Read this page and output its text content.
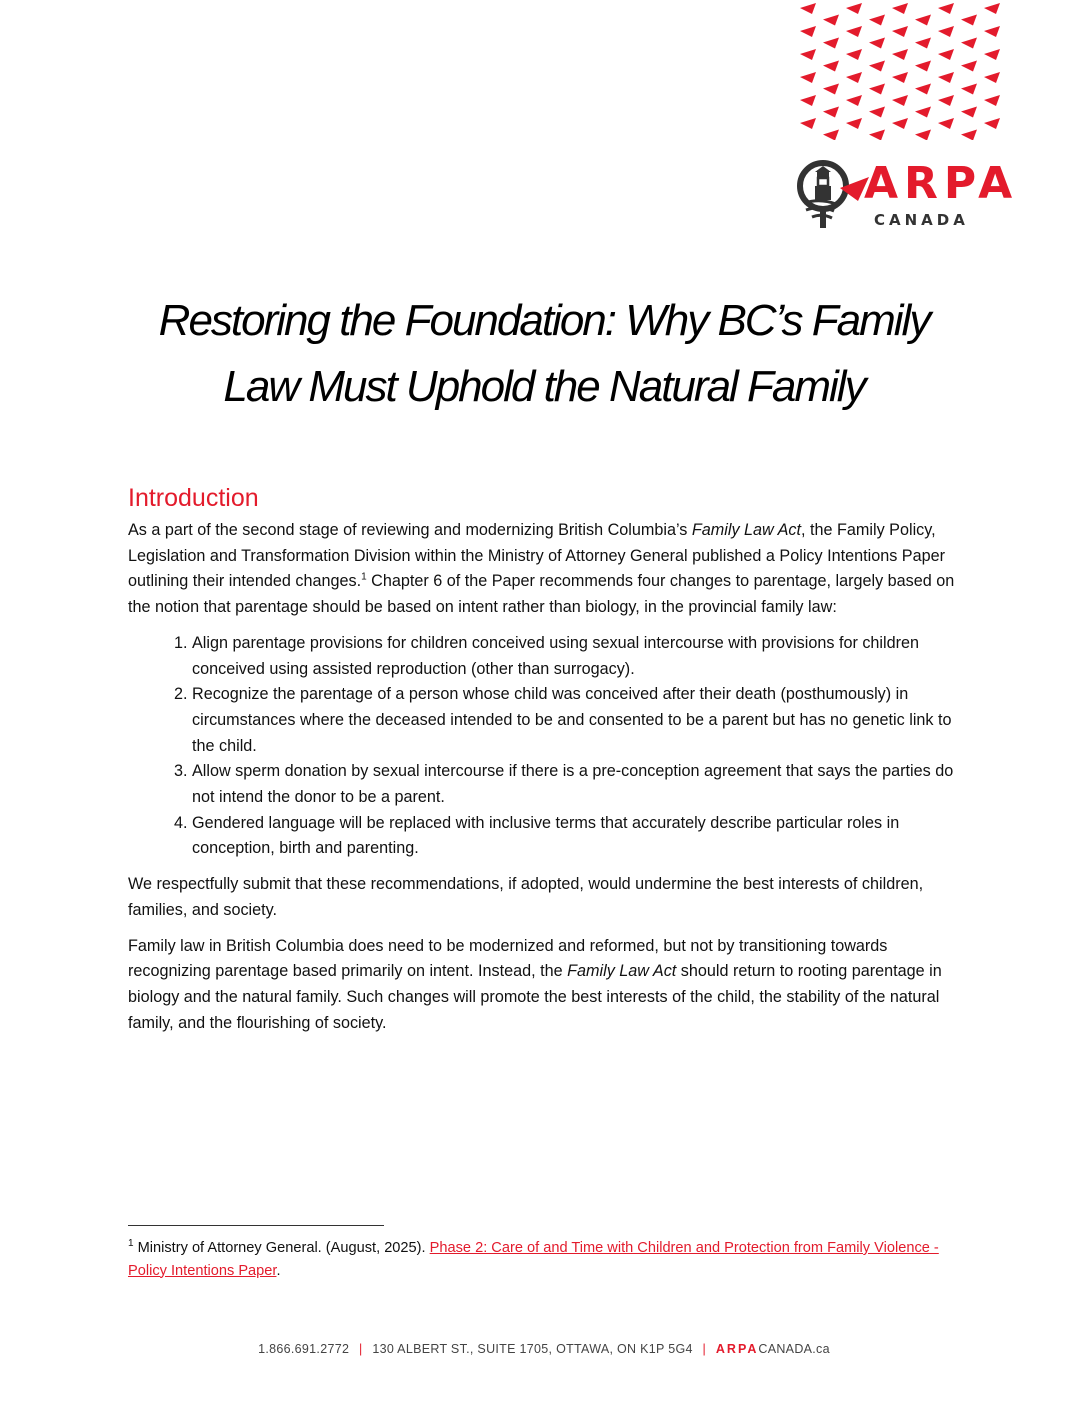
ARPA
CANADA
Restoring the Foundation: Why BC’s Family
Law Must Uphold the Natural Family
Introduction

As a part of the second stage of reviewing and modernizing British Columbia’s Family Law Act, the Family Policy, Legislation and Transformation Division within the Ministry of Attorney General published a Policy Intentions Paper outlining their intended changes.$^1$ Chapter 6 of the Paper recommends four changes to parentage, largely based on the notion that parentage should be based on intent rather than biology, in the provincial family law:

1. Align parentage provisions for children conceived using sexual intercourse with provisions for children conceived using assisted reproduction (other than surrogacy).
2. Recognize the parentage of a person whose child was conceived after their death (posthumously) in circumstances where the deceased intended to be and consented to be a parent but has no genetic link to the child.
3. Allow sperm donation by sexual intercourse if there is a pre-conception agreement that says the parties do not intend the donor to be a parent.
4. Gendered language will be replaced with inclusive terms that accurately describe particular roles in conception, birth and parenting.

We respectfully submit that these recommendations, if adopted, would undermine the best interests of children, families, and society.

Family law in British Columbia does need to be modernized and reformed, but not by transitioning towards recognizing parentage based primarily on intent. Instead, the Family Law Act should return to rooting parentage in biology and the natural family. Such changes will promote the best interests of the child, the stability of the natural family, and the flourishing of society.

$^1$ Ministry of Attorney General. (August, 2025). Phase 2: Care of and Time with Children and Protection from Family Violence - Policy Intentions Paper.
1.866.691.2772 | 130 ALBERT ST., SUITE 1705, OTTAWA, ON K1P 5G4 | ARPACANADA.ca
